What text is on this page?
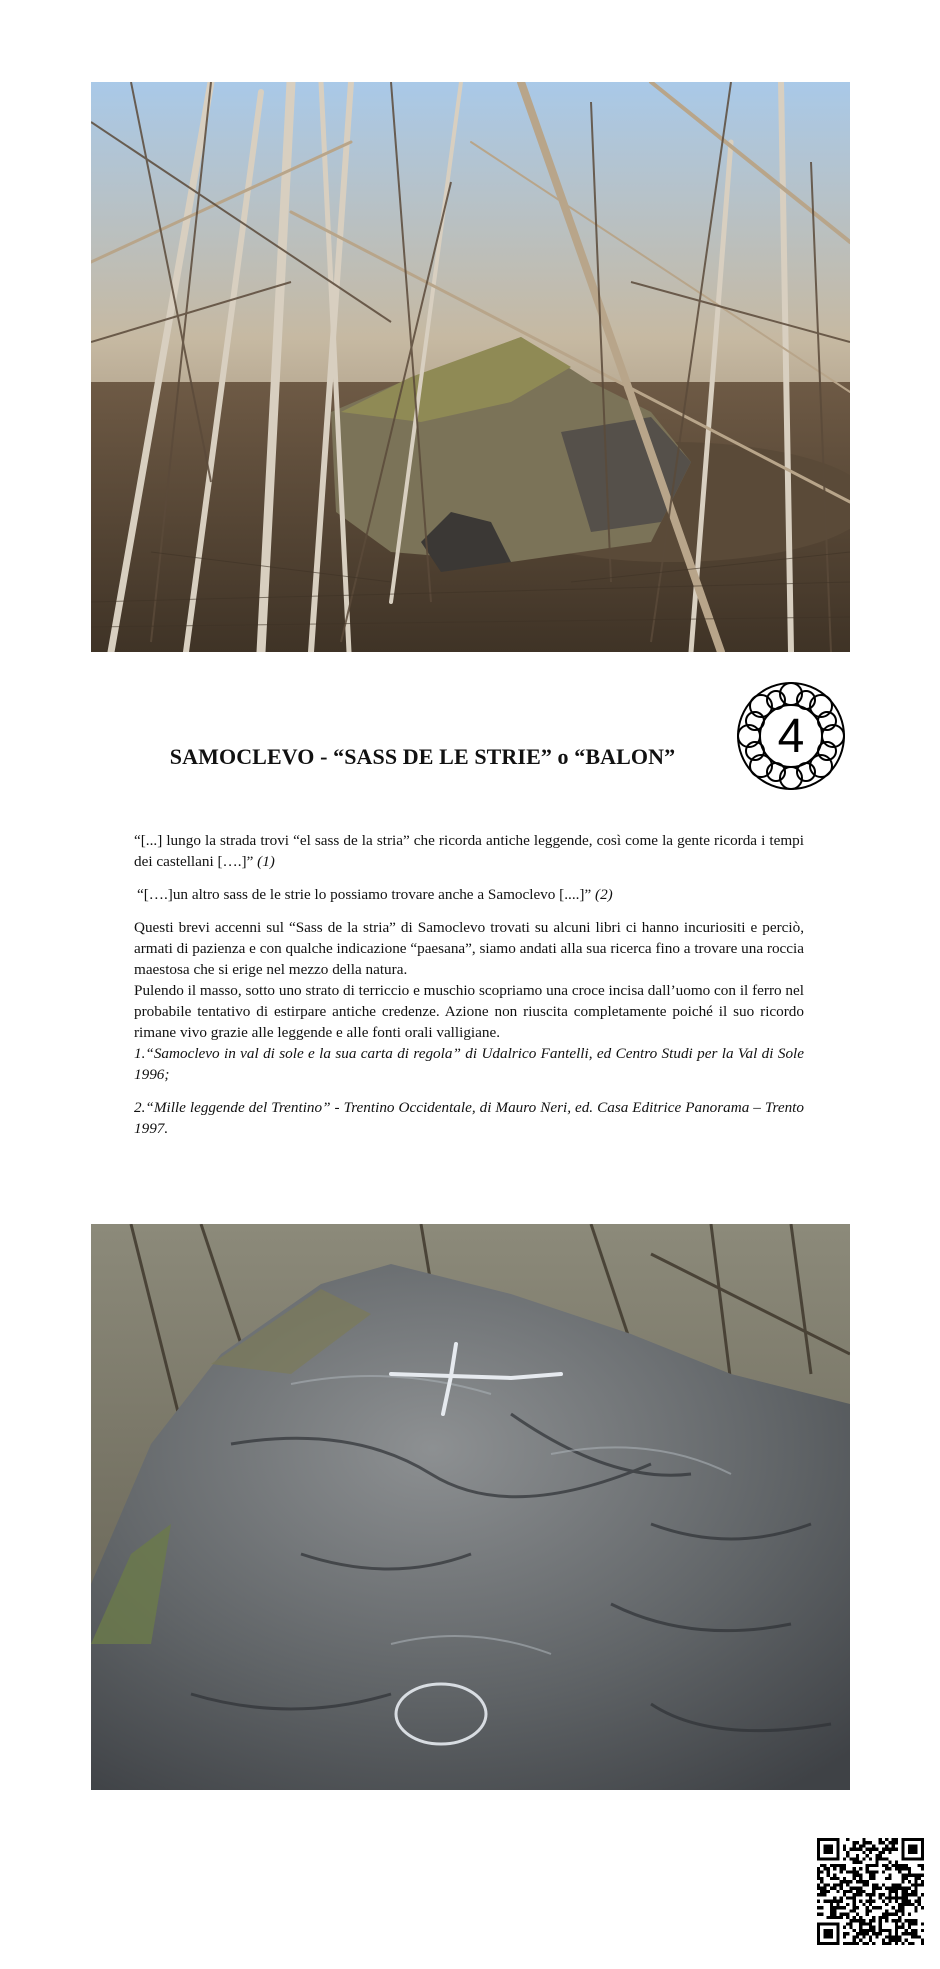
SAMOCLEVO - “SASS DE LE STRIE” o “BALON”	4

“[...] lungo la strada trovi “el sass de la stria” che ricorda antiche leggende, così come la gente ricorda i tempi dei castellani [….]” (1)

“[….]un altro sass de le strie lo possiamo trovare anche a Samoclevo [....]” (2)

Questi brevi accenni sul “Sass de la stria” di Samoclevo trovati su alcuni libri ci hanno incuriositi e perciò, armati di pazienza e con qualche indicazione “paesana”, siamo andati alla sua ricerca fino a trovare una roccia maestosa che si erige nel mezzo della natura.

Pulendo il masso, sotto uno strato di terriccio e muschio scopriamo una croce incisa dall’uomo con il ferro nel probabile tentativo di estirpare antiche credenze. Azione non riuscita completamente poiché il suo ricordo rimane vivo grazie alle leggende e alle fonti orali valligiane.

1.“Samoclevo in val di sole e la sua carta di regola” di Udalrico Fantelli, ed Centro Studi per la Val di Sole 1996;

2.“Mille leggende del Trentino” - Trentino Occidentale, di Mauro Neri, ed. Casa Editrice Panorama – Trento 1997.
